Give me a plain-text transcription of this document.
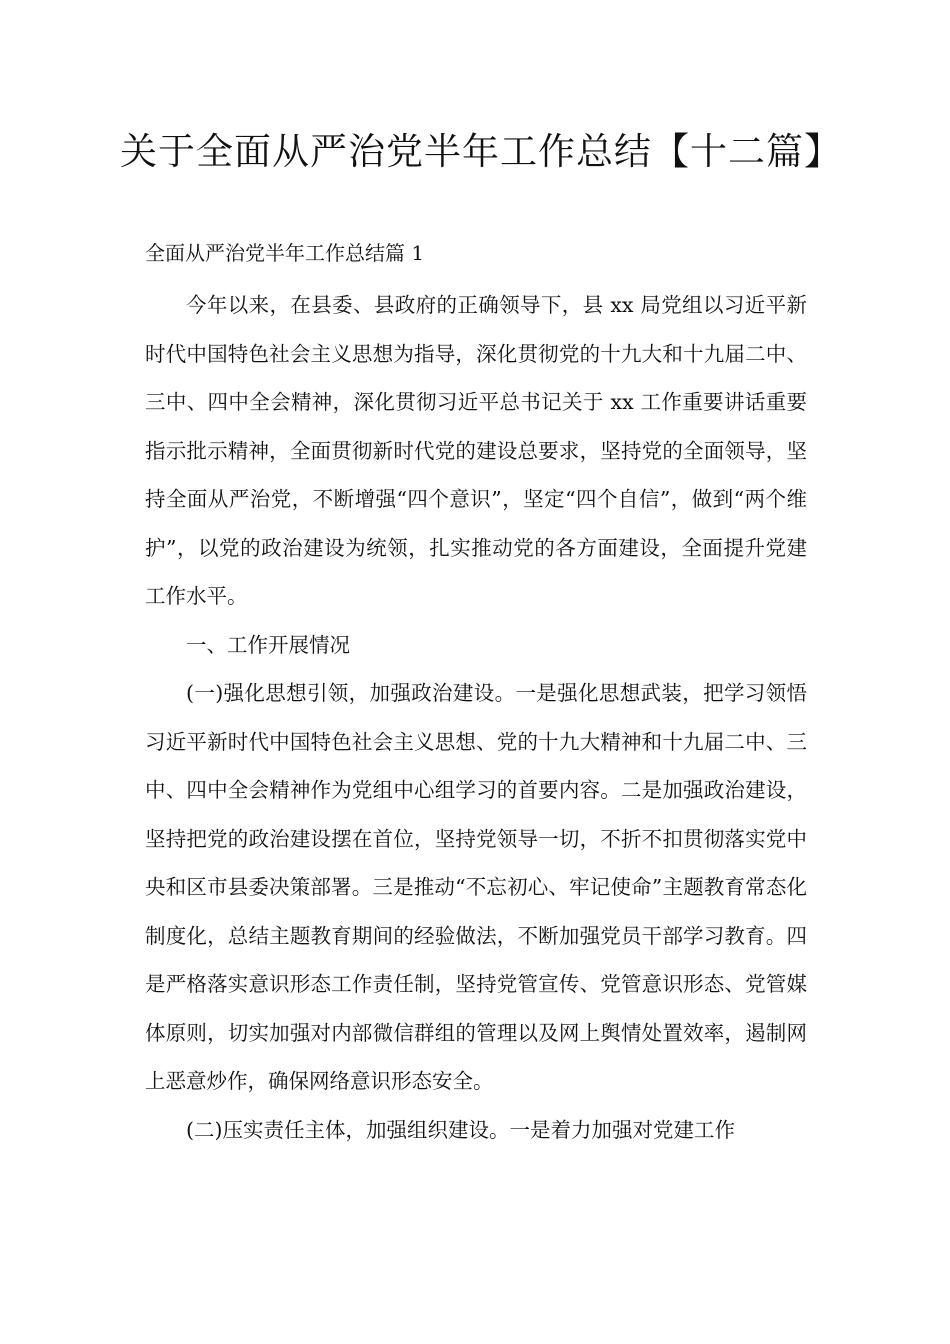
关于全面从严治党半年工作总结【十二篇】

全面从严治党半年工作总结篇 1

今年以来，在县委、县政府的正确领导下，县 xx 局党组以习近平新时代中国特色社会主义思想为指导，深化贯彻党的十九大和十九届二中、三中、四中全会精神，深化贯彻习近平总书记关于 xx 工作重要讲话重要指示批示精神，全面贯彻新时代党的建设总要求，坚持党的全面领导，坚持全面从严治党，不断增强“四个意识”，坚定“四个自信”，做到“两个维护”，以党的政治建设为统领，扎实推动党的各方面建设，全面提升党建工作水平。

一、工作开展情况

(一)强化思想引领，加强政治建设。一是强化思想武装，把学习领悟习近平新时代中国特色社会主义思想、党的十九大精神和十九届二中、三中、四中全会精神作为党组中心组学习的首要内容。二是加强政治建设，坚持把党的政治建设摆在首位，坚持党领导一切，不折不扣贯彻落实党中央和区市县委决策部署。三是推动“不忘初心、牢记使命”主题教育常态化制度化，总结主题教育期间的经验做法，不断加强党员干部学习教育。四是严格落实意识形态工作责任制，坚持党管宣传、党管意识形态、党管媒体原则，切实加强对内部微信群组的管理以及网上舆情处置效率，遏制网上恶意炒作，确保网络意识形态安全。

(二)压实责任主体，加强组织建设。一是着力加强对党建工作
